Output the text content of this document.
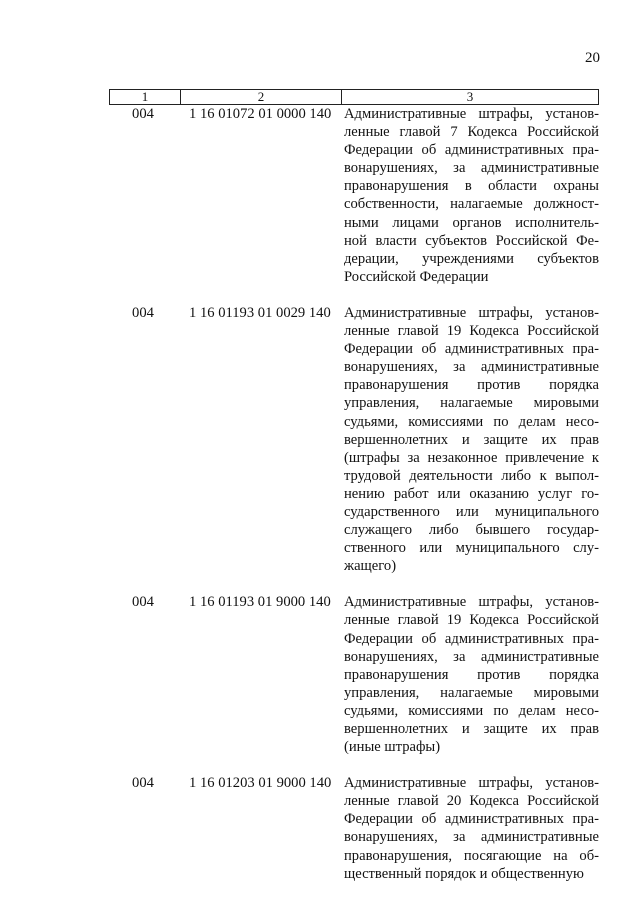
20
1	2	3
004	1 16 01072 01 0000 140 Административные штрафы, установ-
ленные главой 7 Кодекса Российской
Федерации об административных пра-
вонарушениях, за административные
правонарушения в области охраны
собственности, налагаемые должност-
ными лицами органов исполнитель-
ной власти субъектов Российской Фе-
дерации, учреждениями субъектов
Российской Федерации
004	1 16 01193 01 0029 140 Административные штрафы, установ-
ленные главой 19 Кодекса Российской
Федерации об административных пра-
вонарушениях, за административные
правонарушения против порядка
управления, налагаемые мировыми
судьями, комиссиями по делам несо-
вершеннолетних и защите их прав
(штрафы за незаконное привлечение к
трудовой деятельности либо к выпол-
нению работ или оказанию услуг го-
сударственного или муниципального
служащего либо бывшего государ-
ственного или муниципального слу-
жащего)
004	1 16 01193 01 9000 140 Административные штрафы, установ-
ленные главой 19 Кодекса Российской
Федерации об административных пра-
вонарушениях, за административные
правонарушения против порядка
управления, налагаемые мировыми
судьями, комиссиями по делам несо-
вершеннолетних и защите их прав
(иные штрафы)
004	1 16 01203 01 9000 140 Административные штрафы, установ-
ленные главой 20 Кодекса Российской
Федерации об административных пра-
вонарушениях, за административные
правонарушения, посягающие на об-
щественный порядок и общественную
